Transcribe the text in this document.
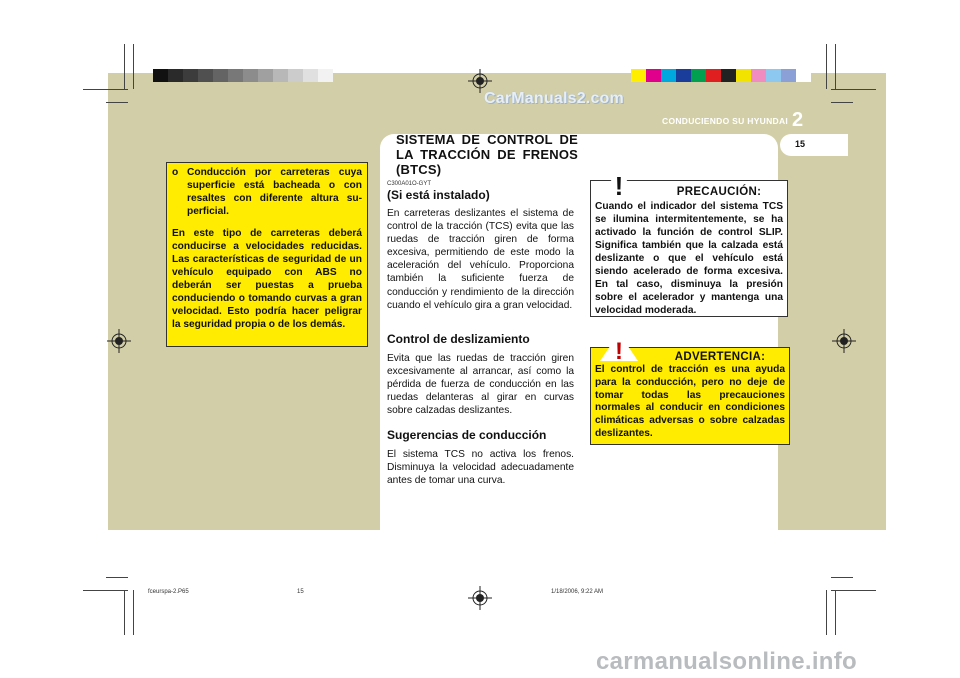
CarManuals2.com
CONDUCIENDO SU HYUNDAI 2
15
o Conducción por carreteras cuya superficie está bacheada o con resaltes con diferente altura su-perficial.

En este tipo de carreteras deberá conducirse a velocidades reducidas. Las características de seguridad de un vehículo equipado con ABS no deberán ser puestas a prueba conduciendo o tomando curvas a gran velocidad. Esto podría hacer peligrar la seguridad propia o de los demás.

SISTEMA DE CONTROL DE LA TRACCIÓN DE FRENOS (BTCS)
C300A01O-GYT
(Si está instalado)
En carreteras deslizantes el sistema de control de la tracción (TCS) evita que las ruedas de tracción giren de forma excesiva, permitiendo de este modo la aceleración del vehículo. Proporciona también la suficiente fuerza de conducción y rendimiento de la dirección cuando el vehículo gira a gran velocidad.
Control de deslizamiento
Evita que las ruedas de tracción giren excesivamente al arrancar, así como la pérdida de fuerza de conducción en las ruedas delanteras al girar en curvas sobre calzadas deslizantes.
Sugerencias de conducción
El sistema TCS no activa los frenos. Disminuya la velocidad adecuadamente antes de tomar una curva.
PRECAUCIÓN:
Cuando el indicador del sistema TCS se ilumina intermitentemente, se ha activado la función de control SLIP. Significa también que la calzada está deslizante o que el vehículo está siendo acelerado de forma excesiva. En tal caso, disminuya la presión sobre el acelerador y mantenga una velocidad moderada.
!
ADVERTENCIA:
El control de tracción es una ayuda para la conducción, pero no deje de tomar todas las precauciones normales al conducir en condiciones climáticas adversas o sobre calzadas deslizantes.
!
fceurspa-2.P65	15	1/18/2006, 9:22 AM
carmanualsonline.info
